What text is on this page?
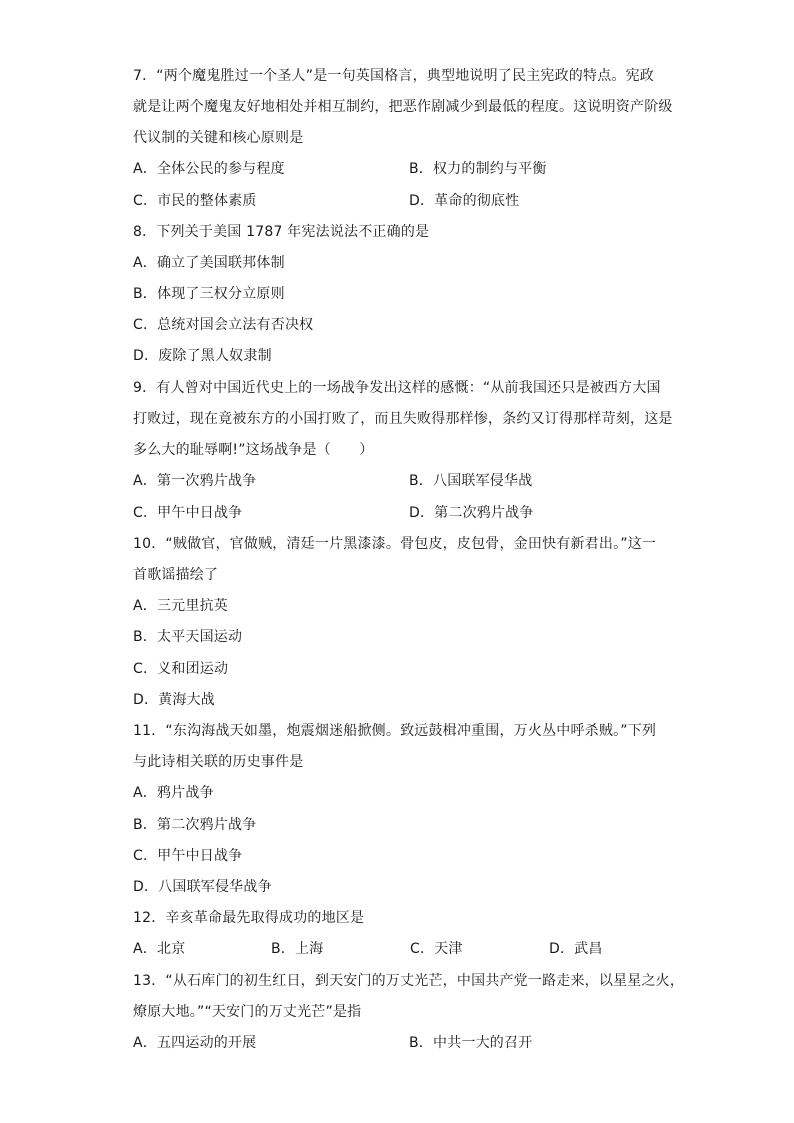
7．“两个魔鬼胜过一个圣人”是一句英国格言，典型地说明了民主宪政的特点。宪政
就是让两个魔鬼友好地相处并相互制约，把恶作剧减少到最低的程度。这说明资产阶级
代议制的关键和核心原则是
A．全体公民的参与程度	B．权力的制约与平衡
C．市民的整体素质	D．革命的彻底性
8．下列关于美国 1787 年宪法说法不正确的是
A．确立了美国联邦体制
B．体现了三权分立原则
C．总统对国会立法有否决权
D．废除了黑人奴隶制
9．有人曾对中国近代史上的一场战争发出这样的感慨：“从前我国还只是被西方大国
打败过，现在竟被东方的小国打败了，而且失败得那样惨，条约又订得那样苛刻，这是
多么大的耻辱啊!”这场战争是（　　）
A．第一次鸦片战争	B．八国联军侵华战
C．甲午中日战争	D．第二次鸦片战争
10．“贼做官，官做贼，清廷一片黑漆漆。骨包皮，皮包骨，金田快有新君出。”这一
首歌谣描绘了
A．三元里抗英
B．太平天国运动
C．义和团运动
D．黄海大战
11．“东沟海战天如墨，炮震烟迷船掀侧。致远鼓楫冲重围，万火丛中呼杀贼。”下列
与此诗相关联的历史事件是
A．鸦片战争
B．第二次鸦片战争
C．甲午中日战争
D．八国联军侵华战争
12．辛亥革命最先取得成功的地区是
A．北京	B．上海	C．天津	D．武昌
13．“从石库门的初生红日，到天安门的万丈光芒，中国共产党一路走来，以星星之火，
燎原大地。”“天安门的万丈光芒”是指
A．五四运动的开展	B．中共一大的召开
